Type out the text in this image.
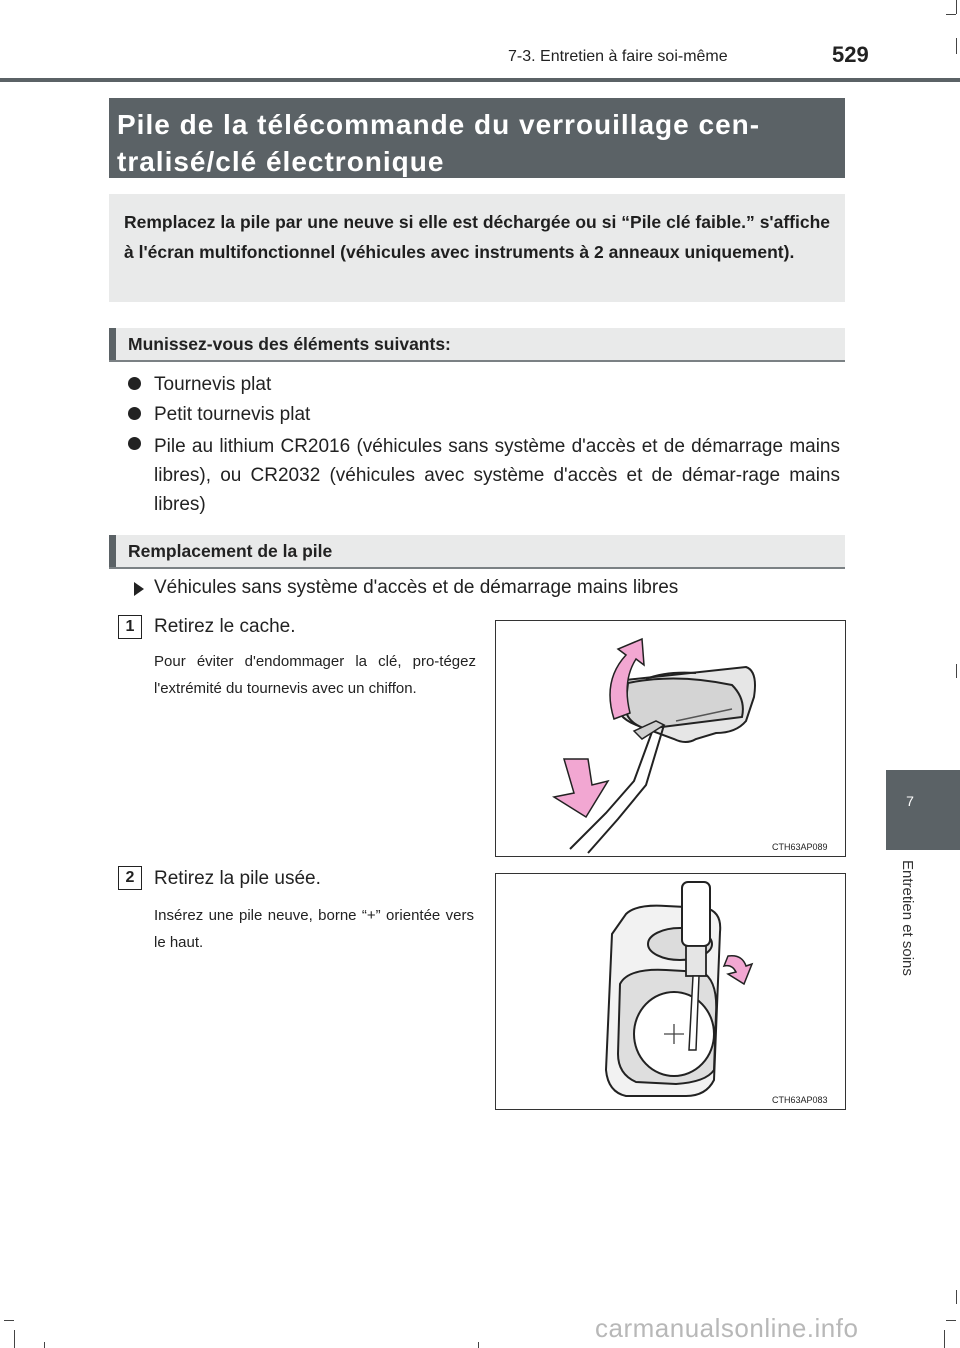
7-3. Entretien à faire soi-même	529
Pile de la télécommande du verrouillage cen-
tralisé/clé électronique
Remplacez la pile par une neuve si elle est déchargée ou si “Pile clé faible.” s'affiche à l'écran multifonctionnel (véhicules avec instruments à 2 anneaux uniquement).
Munissez-vous des éléments suivants:
Tournevis plat
Petit tournevis plat
Pile au lithium CR2016 (véhicules sans système d'accès et de démarrage mains libres), ou CR2032 (véhicules avec système d'accès et de démar-rage mains libres)
Remplacement de la pile
Véhicules sans système d'accès et de démarrage mains libres
1	Retirez le cache.
Pour éviter d'endommager la clé, pro-tégez l'extrémité du tournevis avec un chiffon.
CTH63AP089
2	Retirez la pile usée.
Insérez une pile neuve, borne “+” orientée vers le haut.
CTH63AP083
7
Entretien et soins
carmanualsonline.info
